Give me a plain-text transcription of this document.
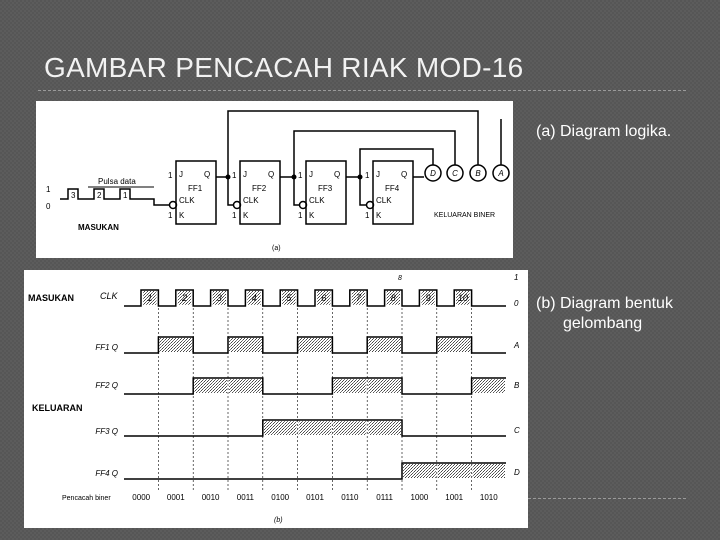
GAMBAR PENCACAH RIAK MOD-16
1
0
Pulsa data
3	2	1
MASUKAN
1
1
J	Q
FF1
CLK
K
1
1
J	Q
FF2
CLK
K
1
1
J	Q
FF3
CLK
K
1
1
J	Q
FF4
CLK
K
D C B A
KELUARAN BINER
(a)
(a) Diagram logika.
1	2	3	4	5	6	7	8	9	10
0000 0001 0010 0011 0100 0101 0110 0111 1000 1001 1010
MASUKAN	CLK
KELUARAN
FF1 Q
FF2 Q
FF3 Q
FF4 Q
8	1
0
A
B
C
D
Pencacah biner
(b)
(b) Diagram bentuk
gelombang
